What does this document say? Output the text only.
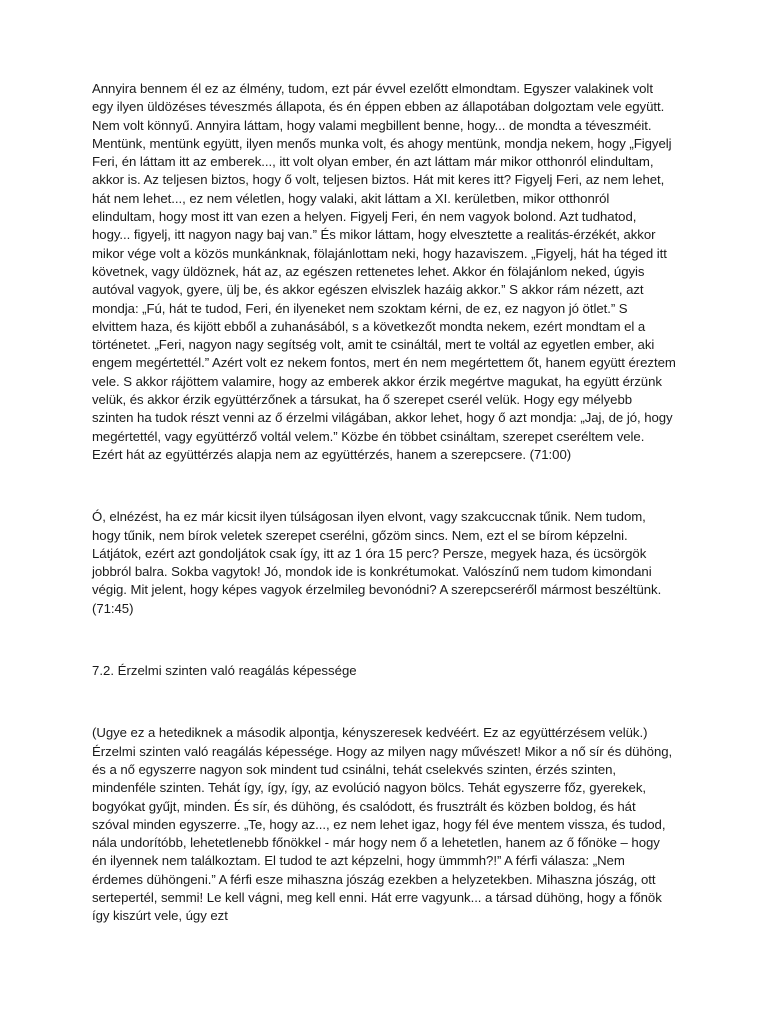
Annyira bennem él ez az élmény, tudom, ezt pár évvel ezelőtt elmondtam. Egyszer valakinek volt egy ilyen üldözéses téveszmés állapota, és én éppen ebben az állapotában dolgoztam vele együtt. Nem volt könnyű. Annyira láttam, hogy valami megbillent benne, hogy... de mondta a téveszméit. Mentünk, mentünk együtt, ilyen menős munka volt, és ahogy mentünk, mondja nekem, hogy „Figyelj Feri, én láttam itt az emberek..., itt volt olyan ember, én azt láttam már mikor otthonról elindultam, akkor is. Az teljesen biztos, hogy ő volt, teljesen biztos. Hát mit keres itt? Figyelj Feri, az nem lehet, hát nem lehet..., ez nem véletlen, hogy valaki, akit láttam a XI. kerületben, mikor otthonról elindultam, hogy most itt van ezen a helyen. Figyelj Feri, én nem vagyok bolond. Azt tudhatod, hogy... figyelj, itt nagyon nagy baj van.” És mikor láttam, hogy elvesztette a realitás-érzékét, akkor mikor vége volt a közös munkánknak, fölajánlottam neki, hogy hazaviszem. „Figyelj, hát ha téged itt követnek, vagy üldöznek, hát az, az egészen rettenetes lehet. Akkor én fölajánlom neked, úgyis autóval vagyok, gyere, ülj be, és akkor egészen elviszlek hazáig akkor.” S akkor rám nézett, azt mondja: „Fú, hát te tudod, Feri, én ilyeneket nem szoktam kérni, de ez, ez nagyon jó ötlet.” S elvittem haza, és kijött ebből a zuhanásából, s a következőt mondta nekem, ezért mondtam el a történetet. „Feri, nagyon nagy segítség volt, amit te csináltál, mert te voltál az egyetlen ember, aki engem megértettél.” Azért volt ez nekem fontos, mert én nem megértettem őt, hanem együtt éreztem vele. S akkor rájöttem valamire, hogy az emberek akkor érzik megértve magukat, ha együtt érzünk velük, és akkor érzik együttérzőnek a társukat, ha ő szerepet cserél velük. Hogy egy mélyebb szinten ha tudok részt venni az ő érzelmi világában, akkor lehet, hogy ő azt mondja: „Jaj, de jó, hogy megértettél, vagy együttérző voltál velem.” Közbe én többet csináltam, szerepet cseréltem vele. Ezért hát az együttérzés alapja nem az együttérzés, hanem a szerepcsere. (71:00)

Ó, elnézést, ha ez már kicsit ilyen túlságosan ilyen elvont, vagy szakcuccnak tűnik. Nem tudom, hogy tűnik, nem bírok veletek szerepet cserélni, gőzöm sincs. Nem, ezt el se bírom képzelni. Látjátok, ezért azt gondoljátok csak így, itt az 1 óra 15 perc? Persze, megyek haza, és ücsörgök jobbról balra. Sokba vagytok! Jó, mondok ide is konkrétumokat. Valószínű nem tudom kimondani végig. Mit jelent, hogy képes vagyok érzelmileg bevonódni? A szerepcseréről mármost beszéltünk. (71:45)

7.2. Érzelmi szinten való reagálás képessége

(Ugye ez a hetediknek a második alpontja, kényszeresek kedvéért. Ez az együttérzésem velük.) Érzelmi szinten való reagálás képessége. Hogy az milyen nagy művészet! Mikor a nő sír és dühöng, és a nő egyszerre nagyon sok mindent tud csinálni, tehát cselekvés szinten, érzés szinten, mindenféle szinten. Tehát így, így, így, az evolúció nagyon bölcs. Tehát egyszerre főz, gyerekek, bogyókat gyűjt, minden. És sír, és dühöng, és csalódott, és frusztrált és közben boldog, és hát szóval minden egyszerre. „Te, hogy az..., ez nem lehet igaz, hogy fél éve mentem vissza, és tudod, nála undorítóbb, lehetetlenebb főnökkel - már hogy nem ő a lehetetlen, hanem az ő főnöke – hogy én ilyennek nem találkoztam. El tudod te azt képzelni, hogy ümmmh?!” A férfi válasza: „Nem érdemes dühöngeni.” A férfi esze mihaszna jószág ezekben a helyzetekben. Mihaszna jószág, ott sertepertél, semmi! Le kell vágni, meg kell enni. Hát erre vagyunk... a társad dühöng, hogy a főnök így kiszúrt vele, úgy ezt
